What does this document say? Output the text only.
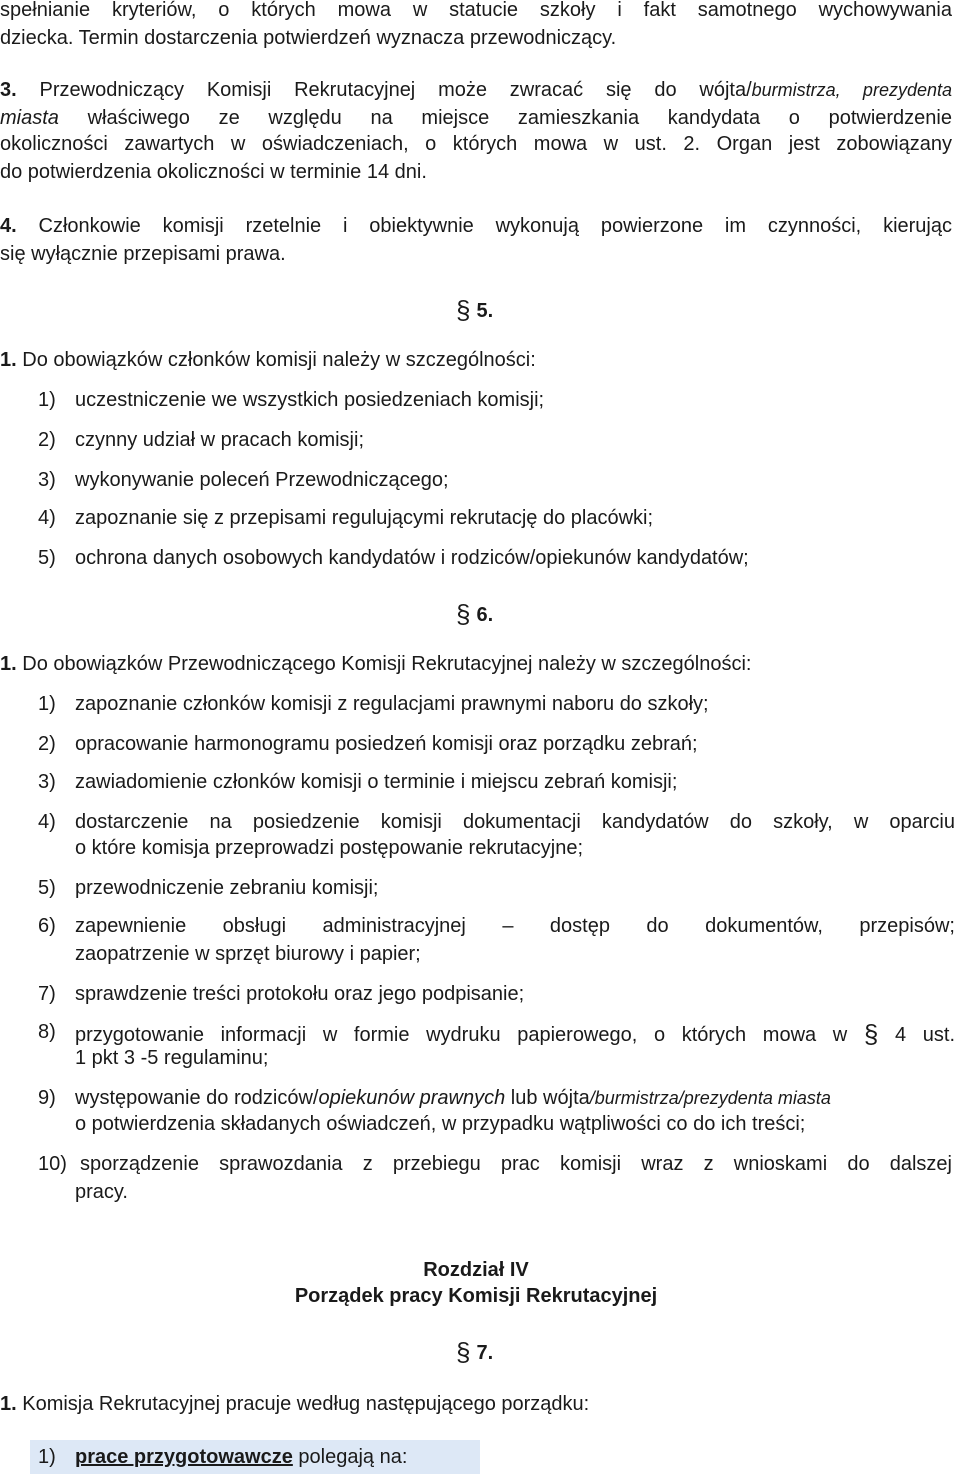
spełnianie kryteriów, o których mowa w statucie szkoły i fakt samotnego wychowywania
dziecka. Termin dostarczenia potwierdzeń wyznacza przewodniczący.
3. Przewodniczący Komisji Rekrutacyjnej może zwracać się do wójta/burmistrza, prezydenta
miasta właściwego ze względu na miejsce zamieszkania kandydata o potwierdzenie
okoliczności zawartych w oświadczeniach, o których mowa w ust. 2. Organ jest zobowiązany
do potwierdzenia okoliczności w terminie 14 dni.
4. Członkowie komisji rzetelnie i obiektywnie wykonują powierzone im czynności, kierując
się wyłącznie przepisami prawa.
§ 5.
1. Do obowiązków członków komisji należy w szczególności:
1) uczestniczenie we wszystkich posiedzeniach komisji;
2) czynny udział w pracach komisji;
3) wykonywanie poleceń Przewodniczącego;
4) zapoznanie się z przepisami regulującymi rekrutację do placówki;
5) ochrona danych osobowych kandydatów i rodziców/opiekunów kandydatów;
§ 6.
1. Do obowiązków Przewodniczącego Komisji Rekrutacyjnej należy w szczególności:
1) zapoznanie członków komisji z regulacjami prawnymi naboru do szkoły;
2) opracowanie harmonogramu posiedzeń komisji oraz porządku zebrań;
3) zawiadomienie członków komisji o terminie i miejscu zebrań komisji;
4) dostarczenie na posiedzenie komisji dokumentacji kandydatów do szkoły, w oparciu
o które komisja przeprowadzi postępowanie rekrutacyjne;
5) przewodniczenie zebraniu komisji;
6) zapewnienie obsługi administracyjnej – dostęp do dokumentów, przepisów;
zaopatrzenie w sprzęt biurowy i papier;
7) sprawdzenie treści protokołu oraz jego podpisanie;
8) przygotowanie informacji w formie wydruku papierowego, o których mowa w § 4 ust.
1 pkt 3 -5 regulaminu;
9) występowanie do rodziców/opiekunów prawnych lub wójta/burmistrza/prezydenta miasta
o potwierdzenia składanych oświadczeń, w przypadku wątpliwości co do ich treści;
10) sporządzenie sprawozdania z przebiegu prac komisji wraz z wnioskami do dalszej
pracy.
Rozdział IV
Porządek pracy Komisji Rekrutacyjnej
§ 7.
1. Komisja Rekrutacyjnej pracuje według następującego porządku:
1) prace przygotowawcze polegają na:
